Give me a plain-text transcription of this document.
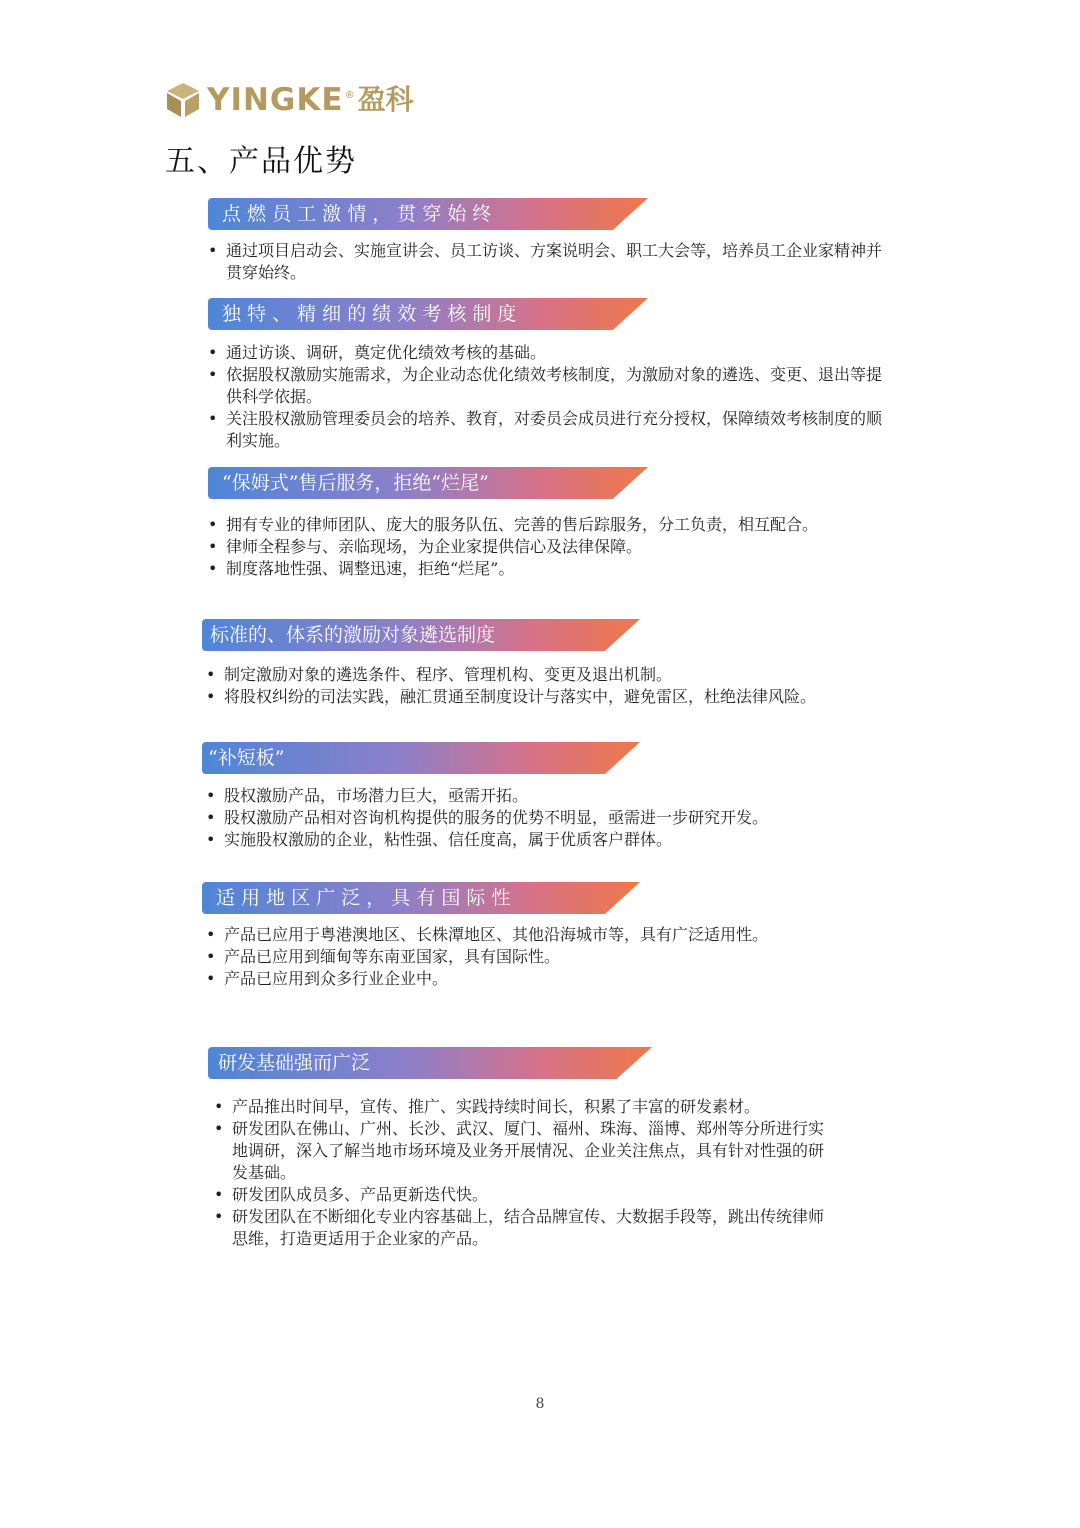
YINGKE ® 盈科
五、产品优势
点 燃 员 工 激 情 ， 贯 穿 始 终
• 通过项目启动会、实施宣讲会、员工访谈、方案说明会、职工大会等，培养员工企业家精神并贯穿始终。
独 特 、 精 细 的 绩 效 考 核 制 度
• 通过访谈、调研，奠定优化绩效考核的基础。
• 依据股权激励实施需求，为企业动态优化绩效考核制度，为激励对象的遴选、变更、退出等提供科学依据。
• 关注股权激励管理委员会的培养、教育，对委员会成员进行充分授权，保障绩效考核制度的顺利实施。
“保姆式”售后服务，拒绝“烂尾”
• 拥有专业的律师团队、庞大的服务队伍、完善的售后踪服务，分工负责，相互配合。
• 律师全程参与、亲临现场，为企业家提供信心及法律保障。
• 制度落地性强、调整迅速，拒绝“烂尾”。
标准的、体系的激励对象遴选制度
• 制定激励对象的遴选条件、程序、管理机构、变更及退出机制。
• 将股权纠纷的司法实践，融汇贯通至制度设计与落实中，避免雷区，杜绝法律风险。
“补短板”
• 股权激励产品，市场潜力巨大，亟需开拓。
• 股权激励产品相对咨询机构提供的服务的优势不明显，亟需进一步研究开发。
• 实施股权激励的企业，粘性强、信任度高，属于优质客户群体。
适 用 地 区 广 泛 ， 具 有 国 际 性
• 产品已应用于粤港澳地区、长株潭地区、其他沿海城市等，具有广泛适用性。
• 产品已应用到缅甸等东南亚国家，具有国际性。
• 产品已应用到众多行业企业中。
研发基础强而广泛
• 产品推出时间早，宣传、推广、实践持续时间长，积累了丰富的研发素材。
• 研发团队在佛山、广州、长沙、武汉、厦门、福州、珠海、淄博、郑州等分所进行实地调研，深入了解当地市场环境及业务开展情况、企业关注焦点，具有针对性强的研发基础。
• 研发团队成员多、产品更新迭代快。
• 研发团队在不断细化专业内容基础上，结合品牌宣传、大数据手段等，跳出传统律师思维，打造更适用于企业家的产品。
8
